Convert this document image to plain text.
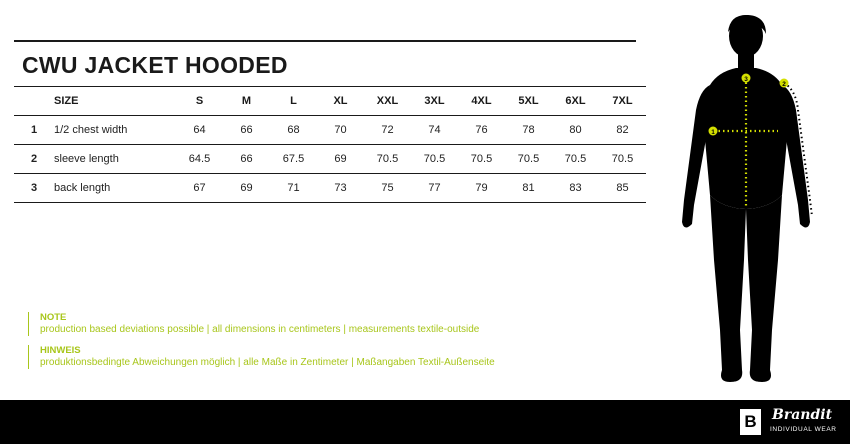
CWU JACKET HOODED
	SIZE	S	M	L	XL	XXL	3XL	4XL	5XL	6XL	7XL
1	1/2 chest width	64	66	68	70	72	74	76	78	80	82
2	sleeve length	64.5	66	67.5	69	70.5	70.5	70.5	70.5	70.5	70.5
3	back length	67	69	71	73	75	77	79	81	83	85
NOTE
production based deviations possible | all dimensions in centimeters | measurements textile-outside
HINWEIS
produktionsbedingte Abweichungen möglich | alle Maße in Zentimeter | Maßangaben Textil-Außenseite
1
3
2
B	Brandit
INDIVIDUAL WEAR
